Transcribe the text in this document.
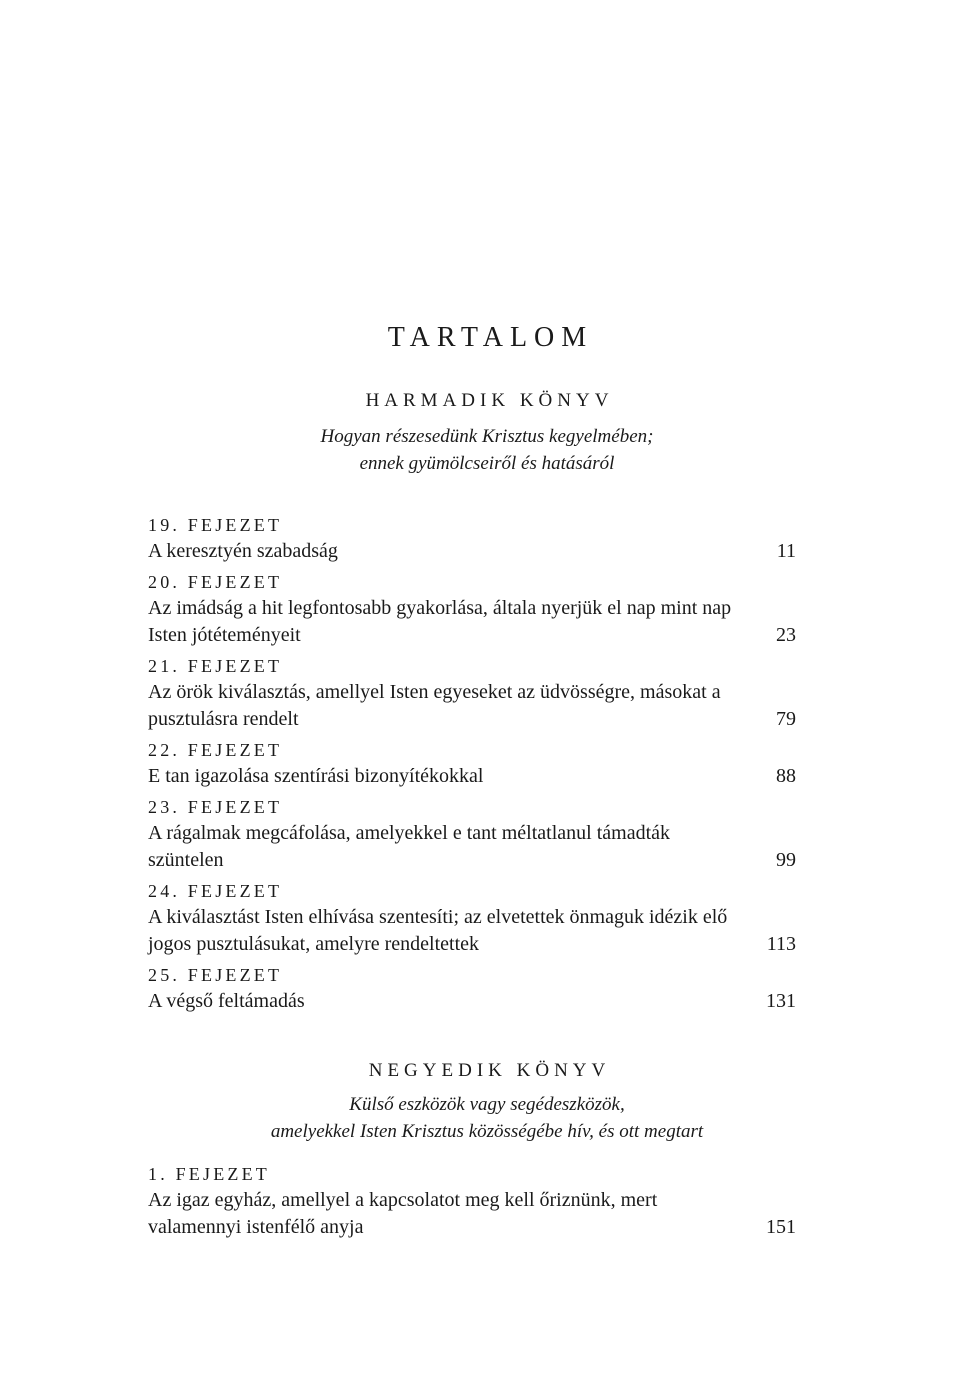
TARTALOM
HARMADIK KÖNYV
Hogyan részesedünk Krisztus kegyelmében;
ennek gyümölcseiről és hatásáról
19. FEJEZET
A keresztyén szabadság	11
20. FEJEZET
Az imádság a hit legfontosabb gyakorlása, általa nyerjük el nap mint nap Isten jótéteményeit	23
21. FEJEZET
Az örök kiválasztás, amellyel Isten egyeseket az üdvösségre, másokat a pusztulásra rendelt	79
22. FEJEZET
E tan igazolása szentírási bizonyítékokkal	88
23. FEJEZET
A rágalmak megcáfolása, amelyekkel e tant méltatlanul támadták szüntelen	99
24. FEJEZET
A kiválasztást Isten elhívása szentesíti; az elvetettek önmaguk idézik elő jogos pusztulásukat, amelyre rendeltettek	113
25. FEJEZET
A végső feltámadás	131
NEGYEDIK KÖNYV
Külső eszközök vagy segédeszközök,
amelyekkel Isten Krisztus közösségébe hív, és ott megtart
1. FEJEZET
Az igaz egyház, amellyel a kapcsolatot meg kell őriznünk, mert valamennyi istenfélő anyja	151
